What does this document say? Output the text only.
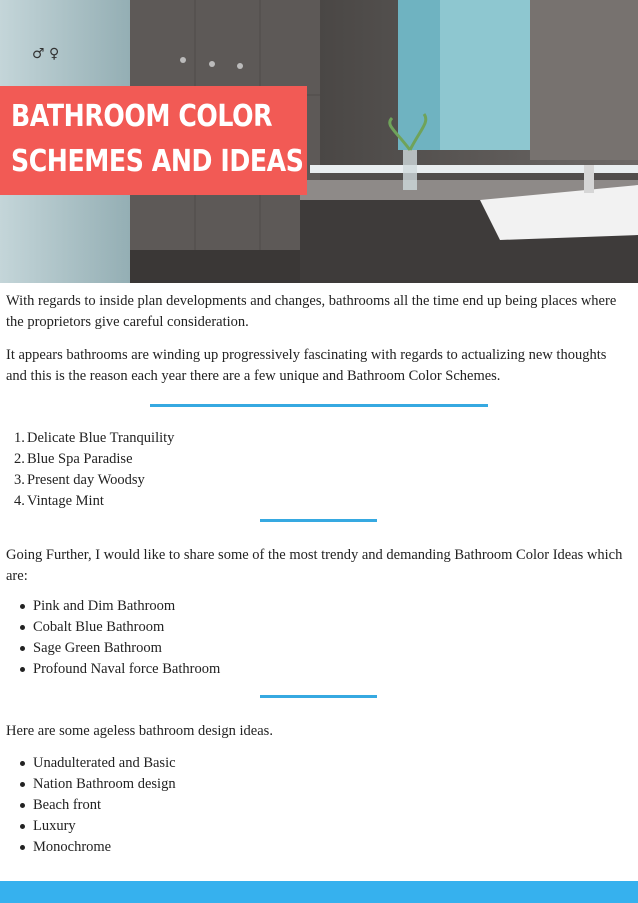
♂ ♀
BATHROOM COLOR
SCHEMES AND IDEAS

With regards to inside plan developments and changes, bathrooms all the time end up being places where the proprietors give careful consideration.

It appears bathrooms are winding up progressively fascinating with regards to actualizing new thoughts and this is the reason each year there are a few unique and Bathroom Color Schemes.

1. Delicate Blue Tranquility
2. Blue Spa Paradise
3. Present day Woodsy
4. Vintage Mint

Going Further, I would like to share some of the most trendy and demanding Bathroom Color Ideas which are:

Pink and Dim Bathroom
Cobalt Blue Bathroom
Sage Green Bathroom
Profound Naval force Bathroom

Here are some ageless bathroom design ideas.

Unadulterated and Basic
Nation Bathroom design
Beach front
Luxury
Monochrome
